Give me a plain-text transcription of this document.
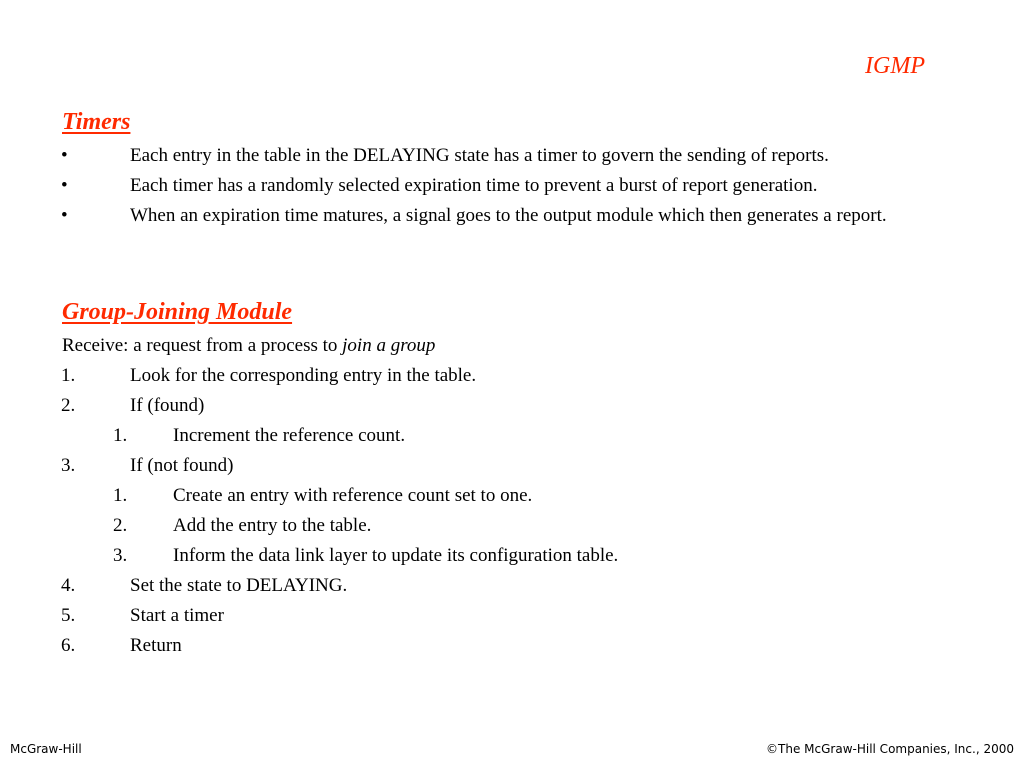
IGMP
Timers
•	Each entry in the table in the DELAYING state has a timer to govern the sending of reports.
•	Each timer has a randomly selected expiration time to prevent a burst of report generation.
•	When an expiration time matures, a signal goes to the output module which then generates a report.
Group-Joining Module
Receive: a request from a process to join a group
1.	Look for the corresponding entry in the table.
2.	If (found)
1. Increment the reference count.
3.	If (not found)
1. Create an entry with reference count set to one.
2. Add the entry to the table.
3. Inform the data link layer to update its configuration table.
4.	Set the state to DELAYING.
5.	Start a timer
6.	Return
McGraw-Hill	©The McGraw-Hill Companies, Inc., 2000
